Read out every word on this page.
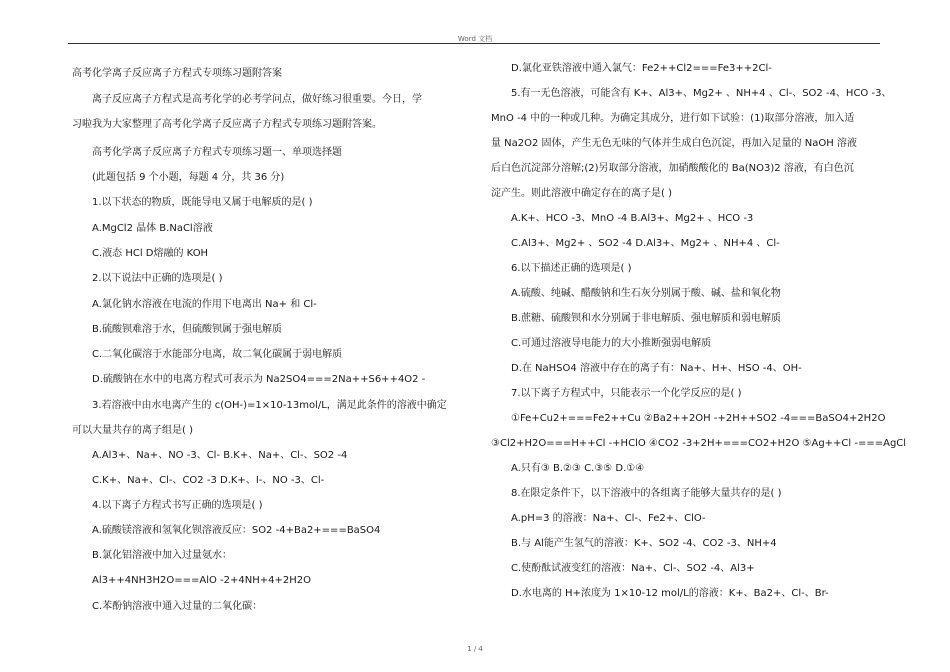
Word 文档
高考化学离子反应离子方程式专项练习题附答案
离子反应离子方程式是高考化学的必考学问点，做好练习很重要。今日，学
习啦我为大家整理了高考化学离子反应离子方程式专项练习题附答案。
高考化学离子反应离子方程式专项练习题一、单项选择题
(此题包括 9 个小题，每题 4 分，共 36 分)
1.以下状态的物质，既能导电又属于电解质的是( )
A.MgCl2 晶体 B.NaCl溶液
C.液态 HCl D熔融的 KOH
2.以下说法中正确的选项是( )
A.氯化钠水溶液在电流的作用下电离出 Na+ 和 Cl-
B.硫酸钡难溶于水，但硫酸钡属于强电解质
C.二氧化碳溶于水能部分电离，故二氧化碳属于弱电解质
D.硫酸钠在水中的电离方程式可表示为 Na2SO4===2Na++S6++4O2 -
3.若溶液中由水电离产生的 c(OH-)=1×10-13mol/L，满足此条件的溶液中确定
可以大量共存的离子组是( )
A.Al3+、Na+、NO -3、Cl- B.K+、Na+、Cl-、SO2 -4
C.K+、Na+、Cl-、CO2 -3 D.K+、I-、NO -3、Cl-
4.以下离子方程式书写正确的选项是( )
A.硫酸镁溶液和氢氧化钡溶液反应：SO2 -4+Ba2+===BaSO4
B.氯化铝溶液中加入过量氨水：
Al3++4NH3H2O===AlO -2+4NH+4+2H2O
C.苯酚钠溶液中通入过量的二氧化碳：
D.氯化亚铁溶液中通入氯气：Fe2++Cl2===Fe3++2Cl-
5.有一无色溶液，可能含有 K+、Al3+、Mg2+ 、NH+4 、Cl-、SO2 -4、HCO -3、
MnO -4 中的一种或几种。为确定其成分，进行如下试验：(1)取部分溶液，加入适
量 Na2O2 固体，产生无色无味的气体并生成白色沉淀，再加入足量的 NaOH 溶液
后白色沉淀部分溶解;(2)另取部分溶液，加硝酸酸化的 Ba(NO3)2 溶液，有白色沉
淀产生。则此溶液中确定存在的离子是( )
A.K+、HCO -3、MnO -4 B.Al3+、Mg2+ 、HCO -3
C.Al3+、Mg2+ 、SO2 -4 D.Al3+、Mg2+ 、NH+4 、Cl-
6.以下描述正确的选项是( )
A.硫酸、纯碱、醋酸钠和生石灰分别属于酸、碱、盐和氧化物
B.蔗糖、硫酸钡和水分别属于非电解质、强电解质和弱电解质
C.可通过溶液导电能力的大小推断强弱电解质
D.在 NaHSO4 溶液中存在的离子有：Na+、H+、HSO -4、OH-
7.以下离子方程式中，只能表示一个化学反应的是( )
①Fe+Cu2+===Fe2++Cu ②Ba2++2OH -+2H++SO2 -4===BaSO4+2H2O
③Cl2+H2O===H++Cl -+HClO ④CO2 -3+2H+===CO2+H2O ⑤Ag++Cl -===AgCl
A.只有③ B.②③ C.③⑤ D.①④
8.在限定条件下，以下溶液中的各组离子能够大量共存的是( )
A.pH=3 的溶液：Na+、Cl-、Fe2+、ClO-
B.与 Al能产生氢气的溶液：K+、SO2 -4、CO2 -3、NH+4
C.使酚酞试液变红的溶液：Na+、Cl-、SO2 -4、Al3+
D.水电离的 H+浓度为 1×10-12 mol/L的溶液：K+、Ba2+、Cl-、Br-
1 / 4
